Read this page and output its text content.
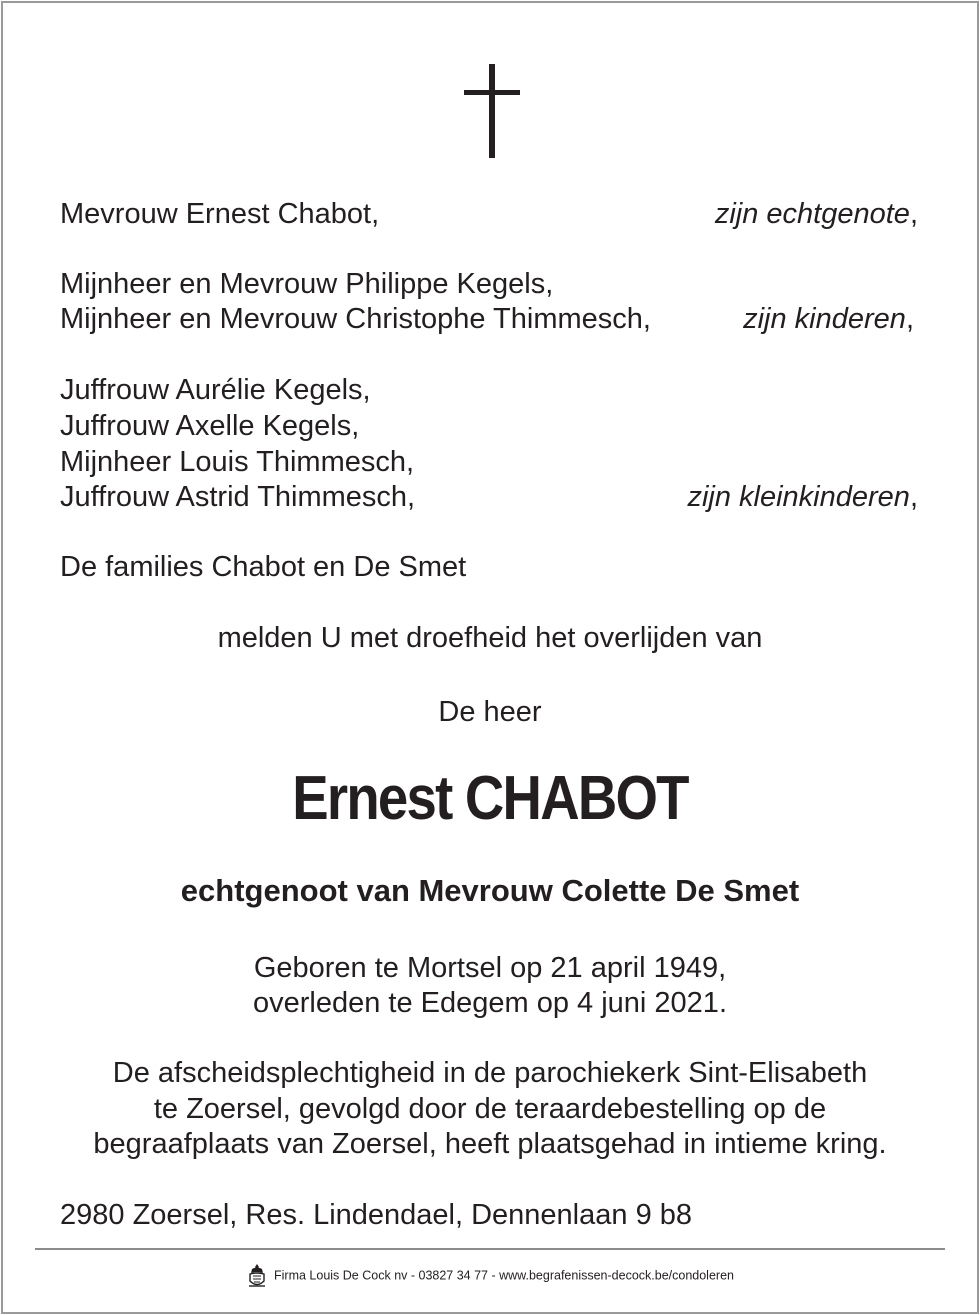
Mevrouw Ernest Chabot,	zijn echtgenote,
Mijnheer en Mevrouw Philippe Kegels,
Mijnheer en Mevrouw Christophe Thimmesch,	zijn kinderen,
Juffrouw Aurélie Kegels,
Juffrouw Axelle Kegels,
Mijnheer Louis Thimmesch,
Juffrouw Astrid Thimmesch,	zijn kleinkinderen,
De families Chabot en De Smet
melden U met droefheid het overlijden van
De heer
Ernest CHABOT
echtgenoot van Mevrouw Colette De Smet
Geboren te Mortsel op 21 april 1949,
overleden te Edegem op 4 juni 2021.
De afscheidsplechtigheid in de parochiekerk Sint-Elisabeth
te Zoersel, gevolgd door de teraardebestelling op de
begraafplaats van Zoersel, heeft plaatsgehad in intieme kring.
2980 Zoersel, Res. Lindendael, Dennenlaan 9 b8
Firma Louis De Cock nv - 03827 34 77 - www.begrafenissen-decock.be/condoleren
